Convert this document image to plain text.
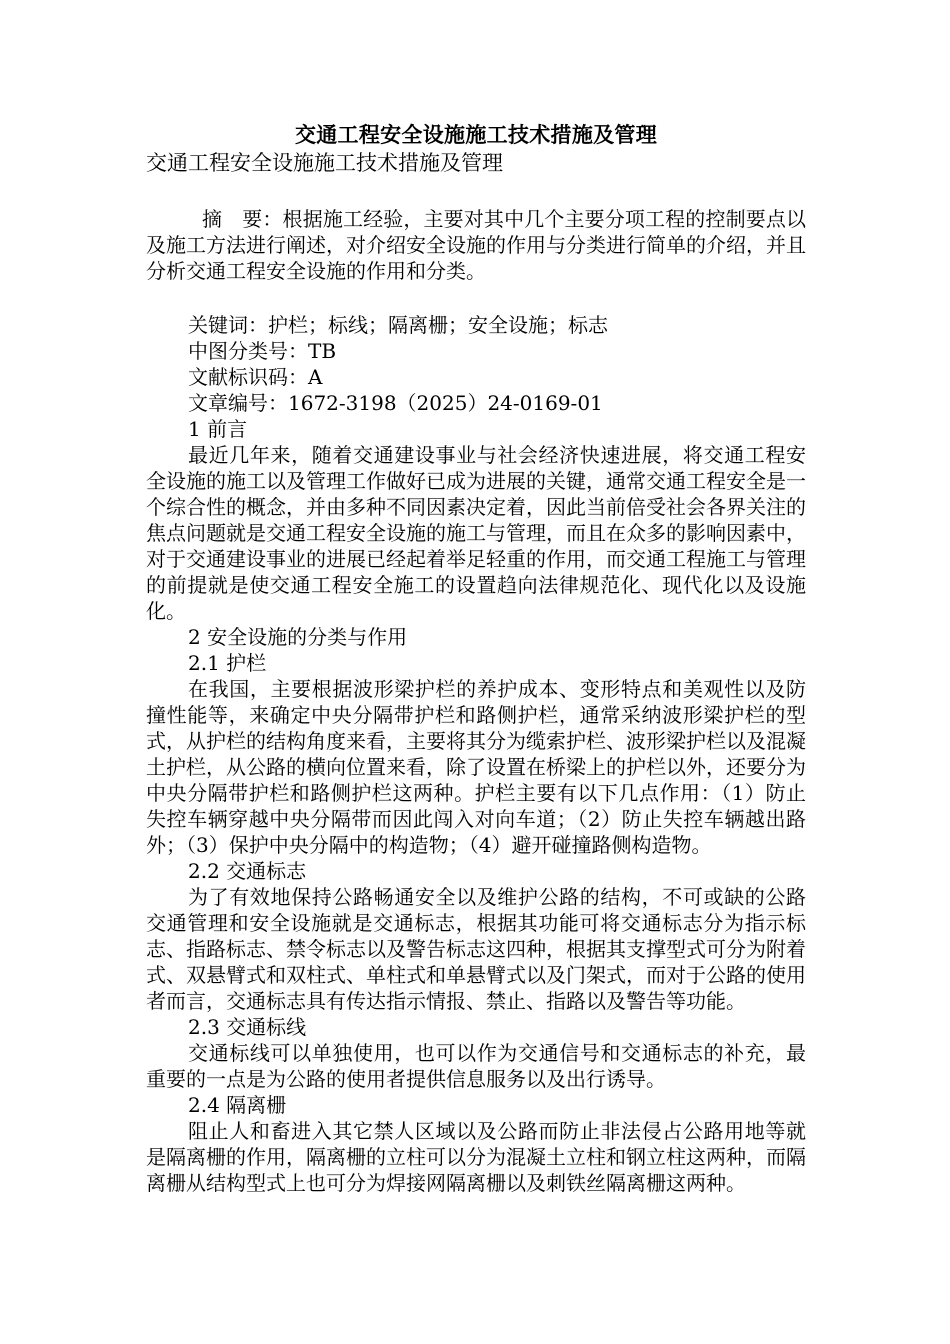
交通工程安全设施施工技术措施及管理

交通工程安全设施施工技术措施及管理

摘　要：根据施工经验，主要对其中几个主要分项工程的控制要点以及施工方法进行阐述，对介绍安全设施的作用与分类进行简单的介绍，并且分析交通工程安全设施的作用和分类。

关键词：护栏；标线；隔离栅；安全设施；标志

中图分类号：TB

文献标识码：A

文章编号：1672-3198（2025）24-0169-01

1 前言

最近几年来，随着交通建设事业与社会经济快速进展，将交通工程安全设施的施工以及管理工作做好已成为进展的关键，通常交通工程安全是一个综合性的概念，并由多种不同因素决定着，因此当前倍受社会各界关注的焦点问题就是交通工程安全设施的施工与管理，而且在众多的影响因素中，对于交通建设事业的进展已经起着举足轻重的作用，而交通工程施工与管理的前提就是使交通工程安全施工的设置趋向法律规范化、现代化以及设施化。

2 安全设施的分类与作用

2.1 护栏

在我国，主要根据波形梁护栏的养护成本、变形特点和美观性以及防撞性能等，来确定中央分隔带护栏和路侧护栏，通常采纳波形梁护栏的型式，从护栏的结构角度来看，主要将其分为缆索护栏、波形梁护栏以及混凝土护栏，从公路的横向位置来看，除了设置在桥梁上的护栏以外，还要分为中央分隔带护栏和路侧护栏这两种。护栏主要有以下几点作用：（1）防止失控车辆穿越中央分隔带而因此闯入对向车道；（2）防止失控车辆越出路外；（3）保护中央分隔中的构造物；（4）避开碰撞路侧构造物。

2.2 交通标志

为了有效地保持公路畅通安全以及维护公路的结构，不可或缺的公路交通管理和安全设施就是交通标志，根据其功能可将交通标志分为指示标志、指路标志、禁令标志以及警告标志这四种，根据其支撑型式可分为附着式、双悬臂式和双柱式、单柱式和单悬臂式以及门架式，而对于公路的使用者而言，交通标志具有传达指示情报、禁止、指路以及警告等功能。

2.3 交通标线

交通标线可以单独使用，也可以作为交通信号和交通标志的补充，最重要的一点是为公路的使用者提供信息服务以及出行诱导。

2.4 隔离栅

阻止人和畜进入其它禁人区域以及公路而防止非法侵占公路用地等就是隔离栅的作用，隔离栅的立柱可以分为混凝土立柱和钢立柱这两种，而隔离栅从结构型式上也可分为焊接网隔离栅以及刺铁丝隔离栅这两种。
